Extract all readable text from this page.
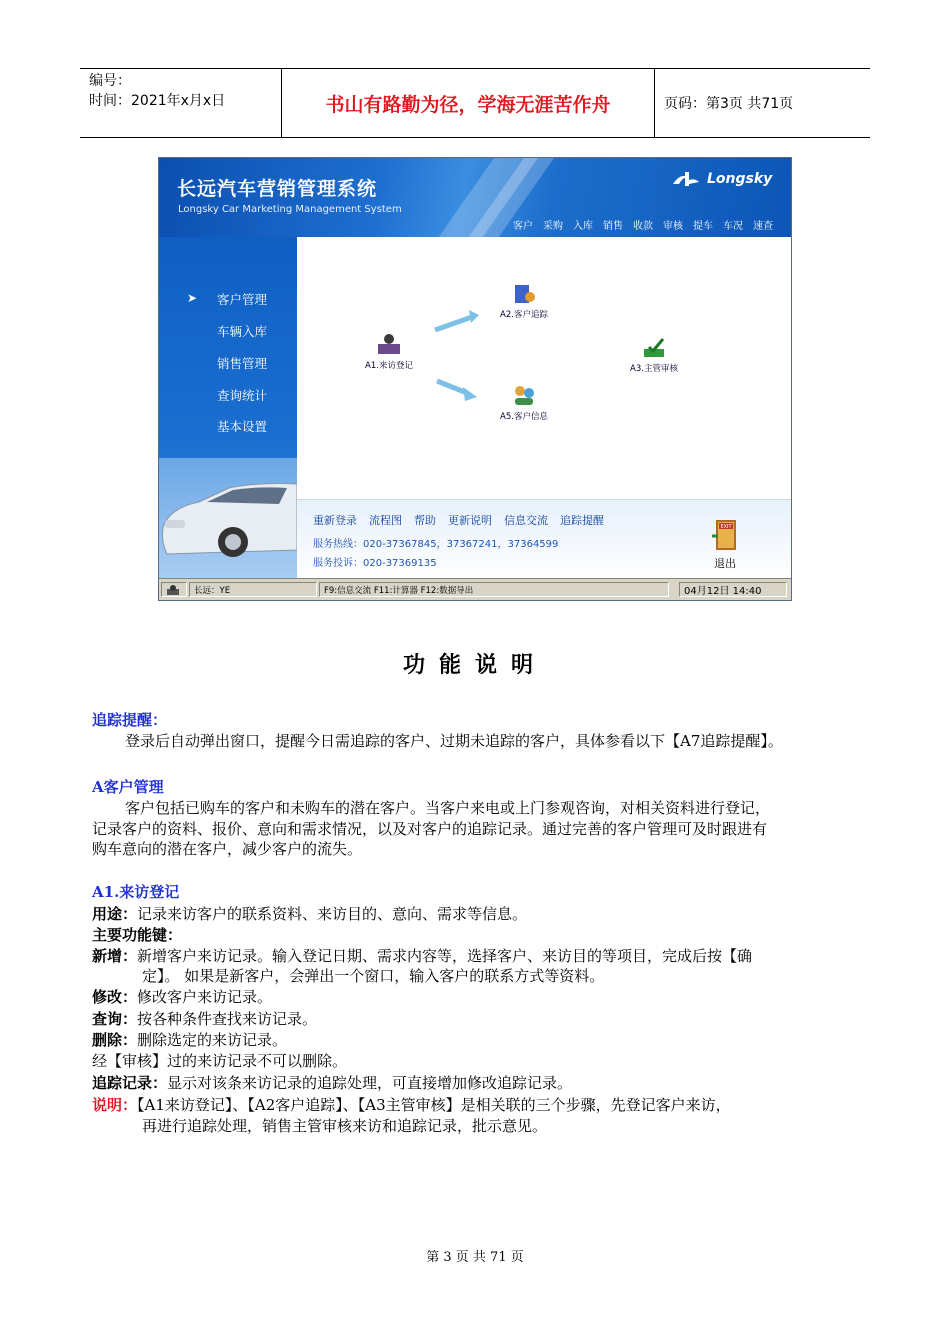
编号：
时间：2021年x月x日	书山有路勤为径，学海无涯苦作舟	页码：第3页 共71页
长远汽车营销管理系统
Longsky Car Marketing Management System
Longsky
客户 采购 入库 销售 收款 审核 提车 车况 速查
➤ 客户管理
车辆入库
销售管理
查询统计
基本设置
A1.来访登记
A2.客户追踪
A3.主管审核
A5.客户信息
重新登录 流程图 帮助 更新说明 信息交流 追踪提醒
服务热线：020-37367845，37367241，37364599
服务投诉：020-37369135
EXIT
退出
长远：YE	F9:信息交流 F11:计算器 F12:数据导出	04月12日 14:40
功能说明
追踪提醒：
登录后自动弹出窗口，提醒今日需追踪的客户、过期未追踪的客户，具体参看以下【A7追踪提醒】。
A客户管理
客户包括已购车的客户和未购车的潜在客户。当客户来电或上门参观咨询，对相关资料进行登记，
记录客户的资料、报价、意向和需求情况，以及对客户的追踪记录。通过完善的客户管理可及时跟进有
购车意向的潜在客户，减少客户的流失。
A1.来访登记
用途：记录来访客户的联系资料、来访目的、意向、需求等信息。
主要功能键：
新增：新增客户来访记录。输入登记日期、需求内容等，选择客户、来访目的等项目，完成后按【确
定】。 如果是新客户，会弹出一个窗口，输入客户的联系方式等资料。
修改：修改客户来访记录。
查询：按各种条件查找来访记录。
删除：删除选定的来访记录。
经【审核】过的来访记录不可以删除。
追踪记录：显示对该条来访记录的追踪处理，可直接增加修改追踪记录。
说明：【A1来访登记】、【A2客户追踪】、【A3主管审核】是相关联的三个步骤，先登记客户来访，
再进行追踪处理，销售主管审核来访和追踪记录，批示意见。
第 3 页 共 71 页
